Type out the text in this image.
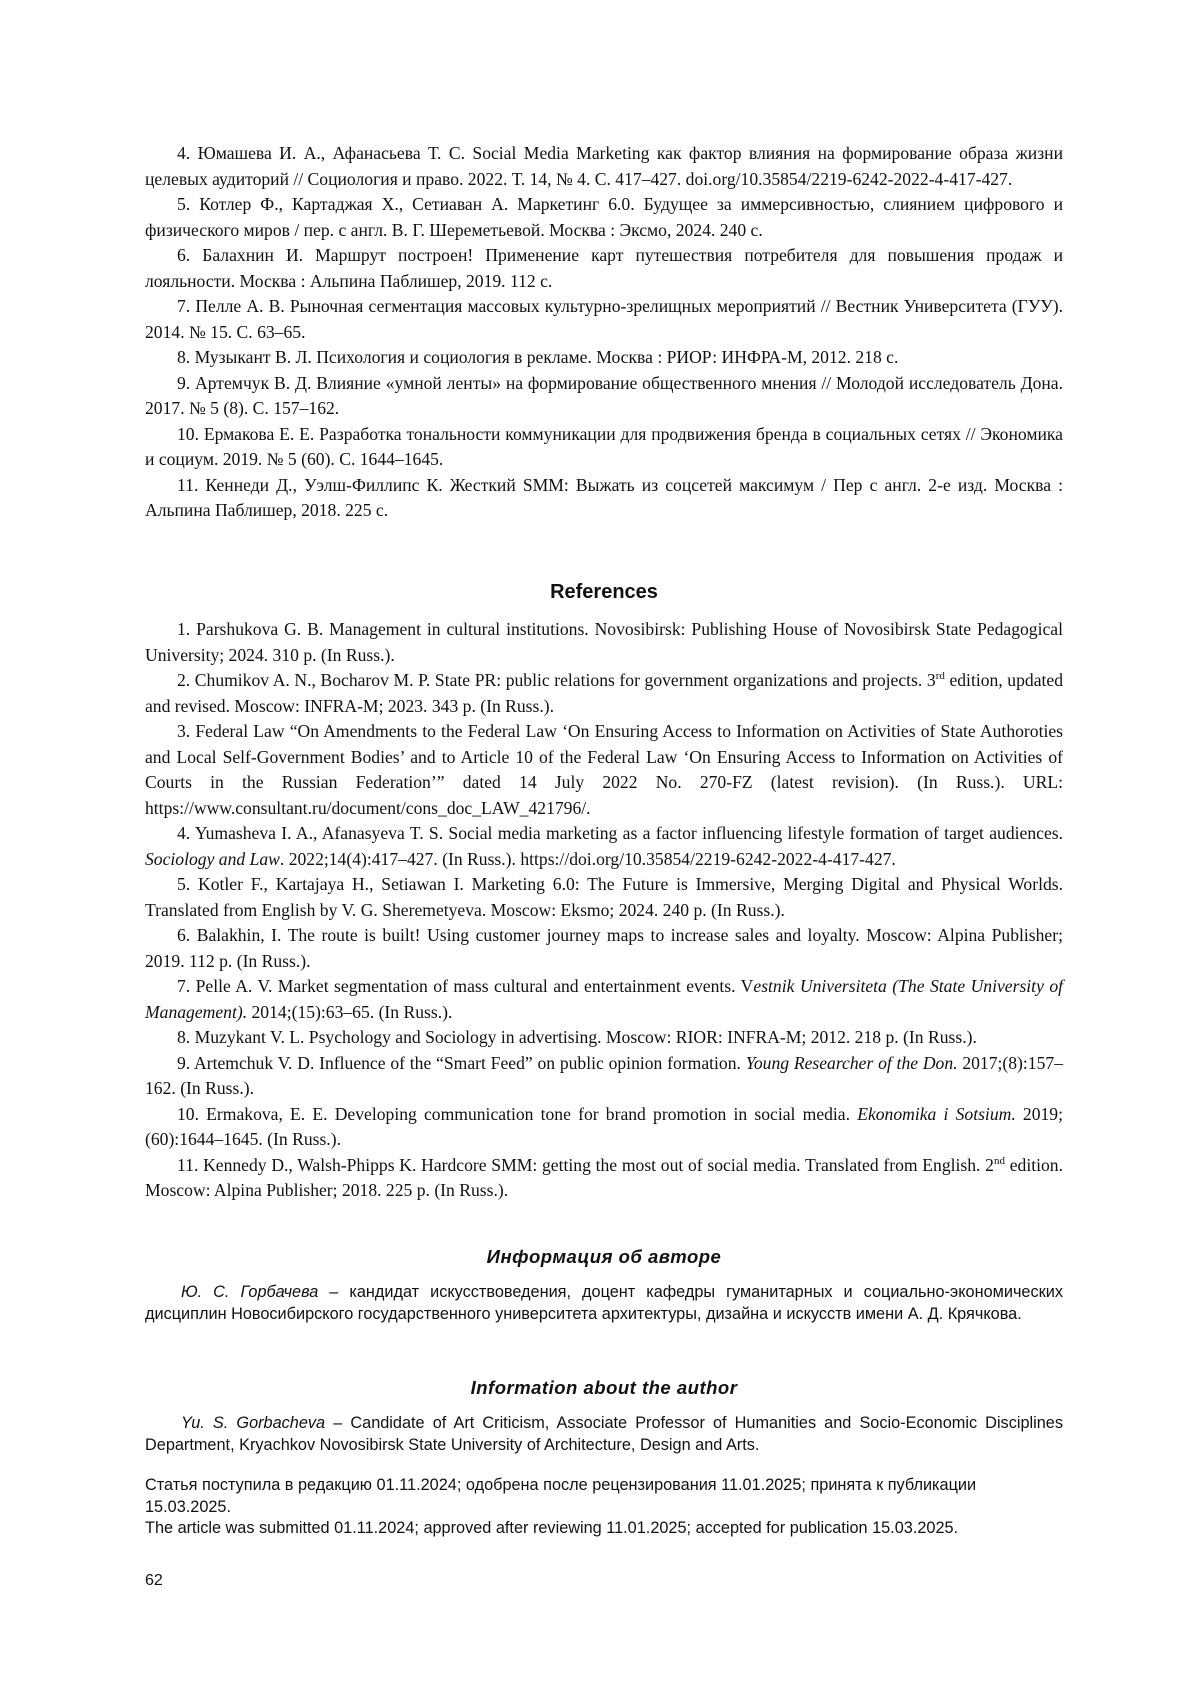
4. Юмашева И. А., Афанасьева Т. С. Social Media Marketing как фактор влияния на формирование образа жизни целевых аудиторий // Социология и право. 2022. Т. 14, № 4. С. 417–427. doi.org/10.35854/2219-6242-2022-4-417-427.

5. Котлер Ф., Картаджая Х., Сетиаван А. Маркетинг 6.0. Будущее за иммерсивностью, слиянием цифрового и физического миров / пер. с англ. В. Г. Шереметьевой. Москва : Эксмо, 2024. 240 с.

6. Балахнин И. Маршрут построен! Применение карт путешествия потребителя для повышения продаж и лояльности. Москва : Альпина Паблишер, 2019. 112 с.

7. Пелле А. В. Рыночная сегментация массовых культурно-зрелищных мероприятий // Вестник Университета (ГУУ). 2014. № 15. С. 63–65.

8. Музыкант В. Л. Психология и социология в рекламе. Москва : РИОР: ИНФРА-М, 2012. 218 с.

9. Артемчук В. Д. Влияние «умной ленты» на формирование общественного мнения // Молодой исследователь Дона. 2017. № 5 (8). С. 157–162.

10. Ермакова Е. Е. Разработка тональности коммуникации для продвижения бренда в социальных сетях // Экономика и социум. 2019. № 5 (60). С. 1644–1645.

11. Кеннеди Д., Уэлш-Филлипс К. Жесткий SMM: Выжать из соцсетей максимум / Пер с англ. 2-е изд. Москва : Альпина Паблишер, 2018. 225 с.

References

1. Parshukova G. B. Management in cultural institutions. Novosibirsk: Publishing House of Novosibirsk State Pedagogical University; 2024. 310 p. (In Russ.).

2. Chumikov A. N., Bocharov M. P. State PR: public relations for government organizations and projects. 3rd edition, updated and revised. Moscow: INFRA-M; 2023. 343 p. (In Russ.).

3. Federal Law “On Amendments to the Federal Law ‘On Ensuring Access to Information on Activities of State Authoroties and Local Self-Government Bodies’ and to Article 10 of the Federal Law ‘On Ensuring Access to Information on Activities of Courts in the Russian Federation’” dated 14 July 2022 No. 270-FZ (latest revision). (In Russ.). URL: https://www.consultant.ru/document/cons_doc_LAW_421796/.

4. Yumasheva I. A., Afanasyeva T. S. Social media marketing as a factor influencing lifestyle formation of target audiences. Sociology and Law. 2022;14(4):417–427. (In Russ.). https://doi.org/10.35854/2219-6242-2022-4-417-427.

5. Kotler F., Kartajaya H., Setiawan I. Marketing 6.0: The Future is Immersive, Merging Digital and Physical Worlds. Translated from English by V. G. Sheremetyeva. Moscow: Eksmo; 2024. 240 p. (In Russ.).

6. Balakhin, I. The route is built! Using customer journey maps to increase sales and loyalty. Moscow: Alpina Publisher; 2019. 112 p. (In Russ.).

7. Pelle A. V. Market segmentation of mass cultural and entertainment events. Vestnik Universiteta (The State University of Management). 2014;(15):63–65. (In Russ.).

8. Muzykant V. L. Psychology and Sociology in advertising. Moscow: RIOR: INFRA-M; 2012. 218 p. (In Russ.).

9. Artemchuk V. D. Influence of the “Smart Feed” on public opinion formation. Young Researcher of the Don. 2017;(8):157–162. (In Russ.).

10. Ermakova, E. E. Developing communication tone for brand promotion in social media. Ekonomika i Sotsium. 2019;(60):1644–1645. (In Russ.).

11. Kennedy D., Walsh-Phipps K. Hardcore SMM: getting the most out of social media. Translated from English. 2nd edition. Moscow: Alpina Publisher; 2018. 225 p. (In Russ.).

Информация об авторе

Ю. С. Горбачева – кандидат искусствоведения, доцент кафедры гуманитарных и социально-экономических дисциплин Новосибирского государственного университета архитектуры, дизайна и искусств имени А. Д. Крячкова.

Information about the author

Yu. S. Gorbacheva – Candidate of Art Criticism, Associate Professor of Humanities and Socio-Economic Disciplines Department, Kryachkov Novosibirsk State University of Architecture, Design and Arts.

Статья поступила в редакцию 01.11.2024; одобрена после рецензирования 11.01.2025; принята к публикации 15.03.2025.

The article was submitted 01.11.2024; approved after reviewing 11.01.2025; accepted for publication 15.03.2025.

62
